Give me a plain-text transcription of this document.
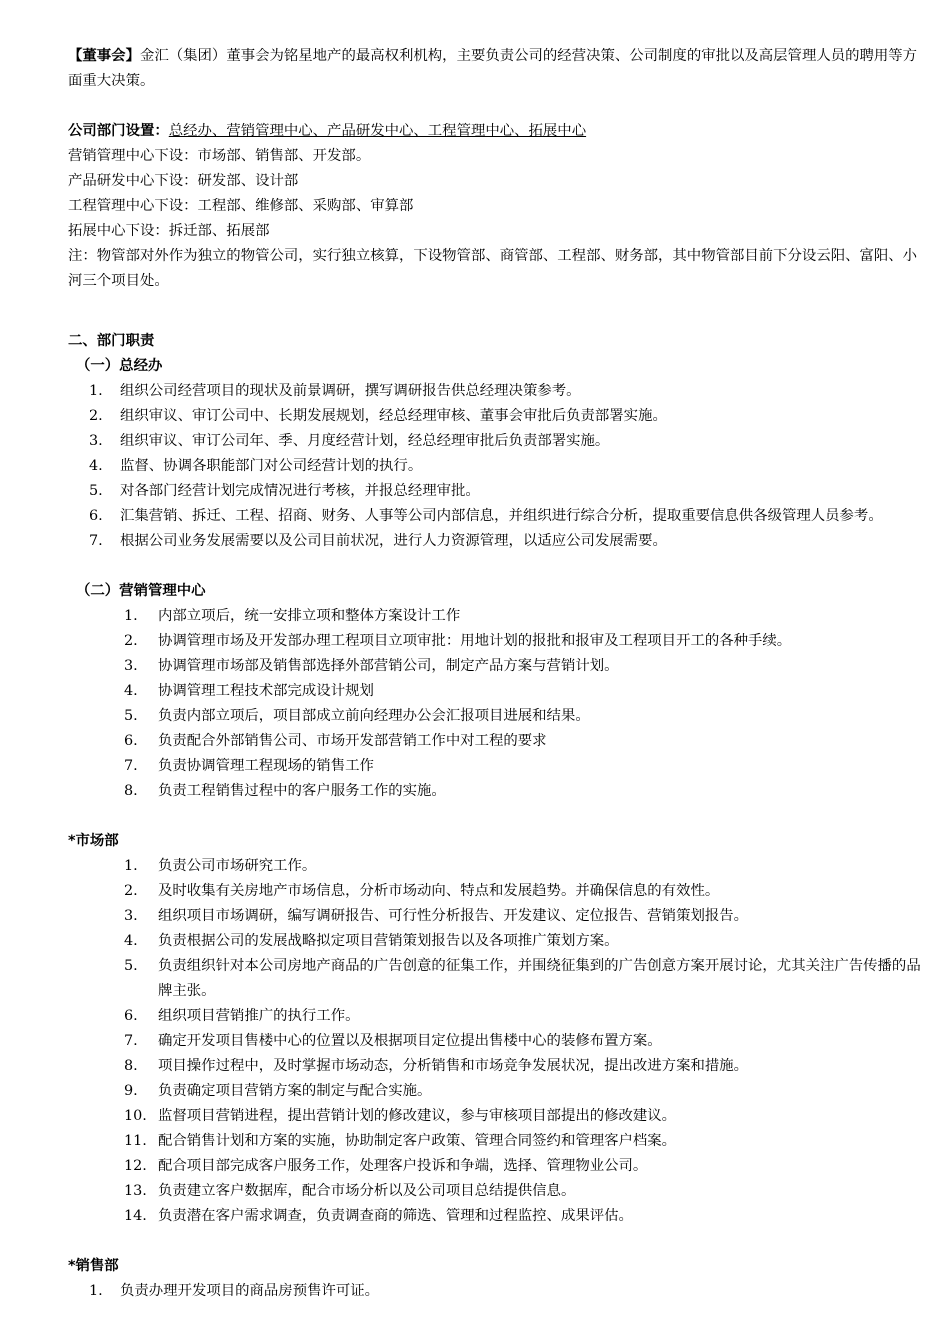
【董事会】金汇（集团）董事会为铭星地产的最高权利机构，主要负责公司的经营决策、公司制度的审批以及高层管理人员的聘用等方面重大决策。

公司部门设置：总经办、营销管理中心、产品研发中心、工程管理中心、拓展中心

营销管理中心下设：市场部、销售部、开发部。

产品研发中心下设：研发部、设计部

工程管理中心下设：工程部、维修部、采购部、审算部

拓展中心下设：拆迁部、拓展部

注：物管部对外作为独立的物管公司，实行独立核算，下设物管部、商管部、工程部、财务部，其中物管部目前下分设云阳、富阳、小河三个项目处。

二、部门职责

（一）总经办

1. 组织公司经营项目的现状及前景调研，撰写调研报告供总经理决策参考。
2. 组织审议、审订公司中、长期发展规划，经总经理审核、董事会审批后负责部署实施。
3. 组织审议、审订公司年、季、月度经营计划，经总经理审批后负责部署实施。
4. 监督、协调各职能部门对公司经营计划的执行。
5. 对各部门经营计划完成情况进行考核，并报总经理审批。
6. 汇集营销、拆迁、工程、招商、财务、人事等公司内部信息，并组织进行综合分析，提取重要信息供各级管理人员参考。
7. 根据公司业务发展需要以及公司目前状况，进行人力资源管理，以适应公司发展需要。

（二）营销管理中心

1. 内部立项后，统一安排立项和整体方案设计工作
2. 协调管理市场及开发部办理工程项目立项审批：用地计划的报批和报审及工程项目开工的各种手续。
3. 协调管理市场部及销售部选择外部营销公司，制定产品方案与营销计划。
4. 协调管理工程技术部完成设计规划
5. 负责内部立项后，项目部成立前向经理办公会汇报项目进展和结果。
6. 负责配合外部销售公司、市场开发部营销工作中对工程的要求
7. 负责协调管理工程现场的销售工作
8. 负责工程销售过程中的客户服务工作的实施。

*市场部

1. 负责公司市场研究工作。
2. 及时收集有关房地产市场信息，分析市场动向、特点和发展趋势。并确保信息的有效性。
3. 组织项目市场调研，编写调研报告、可行性分析报告、开发建议、定位报告、营销策划报告。
4. 负责根据公司的发展战略拟定项目营销策划报告以及各项推广策划方案。
5. 负责组织针对本公司房地产商品的广告创意的征集工作，并围绕征集到的广告创意方案开展讨论，尤其关注广告传播的品牌主张。
6. 组织项目营销推广的执行工作。
7. 确定开发项目售楼中心的位置以及根据项目定位提出售楼中心的装修布置方案。
8. 项目操作过程中，及时掌握市场动态，分析销售和市场竞争发展状况，提出改进方案和措施。
9. 负责确定项目营销方案的制定与配合实施。
10. 监督项目营销进程，提出营销计划的修改建议，参与审核项目部提出的修改建议。
11. 配合销售计划和方案的实施，协助制定客户政策、管理合同签约和管理客户档案。
12. 配合项目部完成客户服务工作，处理客户投诉和争端，选择、管理物业公司。
13. 负责建立客户数据库，配合市场分析以及公司项目总结提供信息。
14. 负责潜在客户需求调查，负责调查商的筛选、管理和过程监控、成果评估。

*销售部

1. 负责办理开发项目的商品房预售许可证。
